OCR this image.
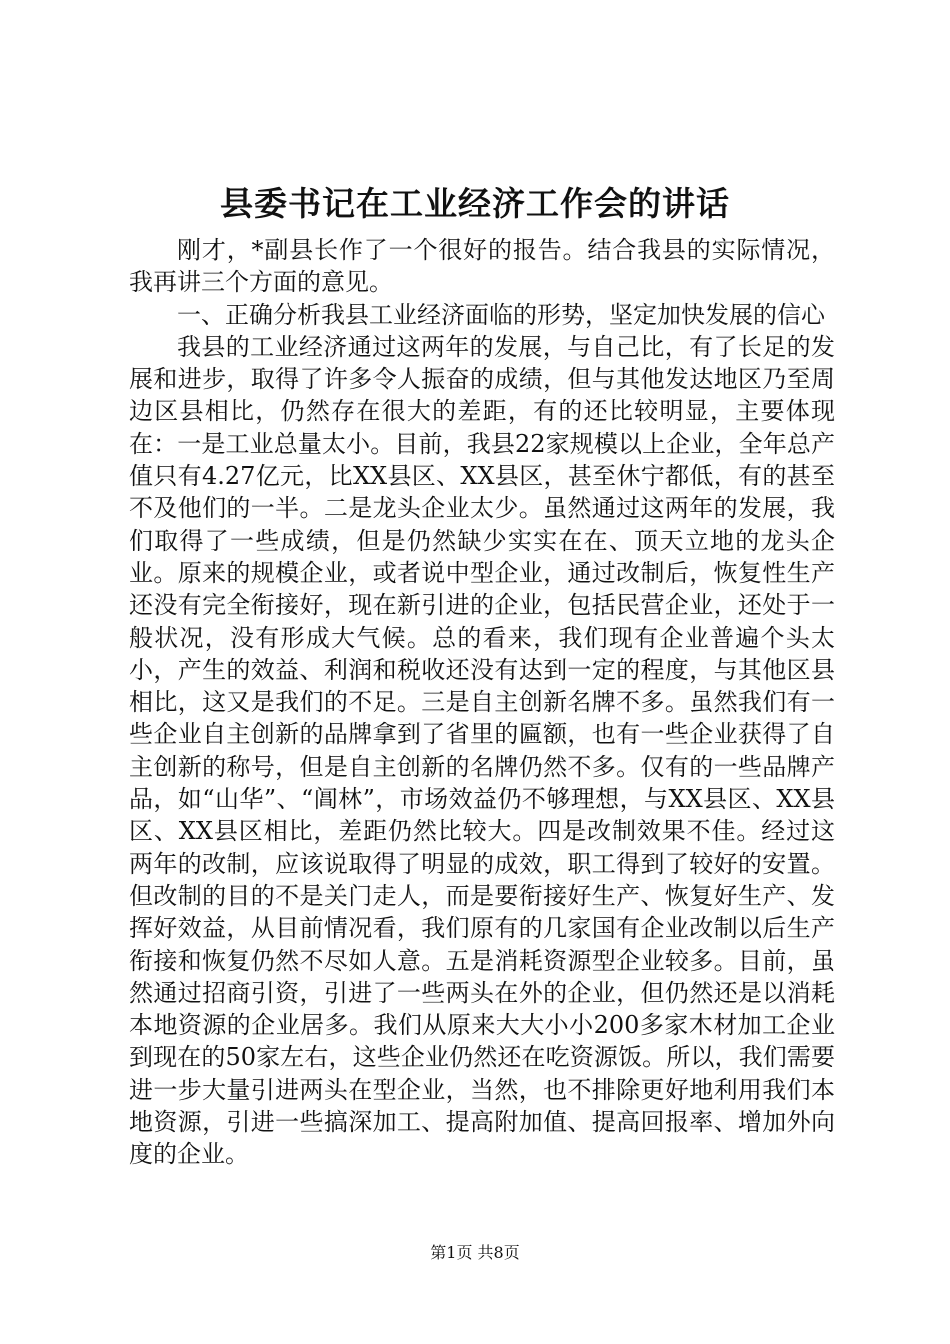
县委书记在工业经济工作会的讲话

刚才，*副县长作了一个很好的报告。结合我县的实际情况，我再讲三个方面的意见。

一、正确分析我县工业经济面临的形势，坚定加快发展的信心

我县的工业经济通过这两年的发展，与自己比，有了长足的发展和进步，取得了许多令人振奋的成绩，但与其他发达地区乃至周边区县相比，仍然存在很大的差距，有的还比较明显，主要体现在：一是工业总量太小。目前，我县22家规模以上企业，全年总产值只有4.27亿元，比XX县区、XX县区，甚至休宁都低，有的甚至不及他们的一半。二是龙头企业太少。虽然通过这两年的发展，我们取得了一些成绩，但是仍然缺少实实在在、顶天立地的龙头企业。原来的规模企业，或者说中型企业，通过改制后，恢复性生产还没有完全衔接好，现在新引进的企业，包括民营企业，还处于一般状况，没有形成大气候。总的看来，我们现有企业普遍个头太小，产生的效益、利润和税收还没有达到一定的程度，与其他区县相比，这又是我们的不足。三是自主创新名牌不多。虽然我们有一些企业自主创新的品牌拿到了省里的匾额，也有一些企业获得了自主创新的称号，但是自主创新的名牌仍然不多。仅有的一些品牌产品，如“山华”、“阊林”，市场效益仍不够理想，与XX县区、XX县区、XX县区相比，差距仍然比较大。四是改制效果不佳。经过这两年的改制，应该说取得了明显的成效，职工得到了较好的安置。但改制的目的不是关门走人，而是要衔接好生产、恢复好生产、发挥好效益，从目前情况看，我们原有的几家国有企业改制以后生产衔接和恢复仍然不尽如人意。五是消耗资源型企业较多。目前，虽然通过招商引资，引进了一些两头在外的企业，但仍然还是以消耗本地资源的企业居多。我们从原来大大小小200多家木材加工企业到现在的50家左右，这些企业仍然还在吃资源饭。所以，我们需要进一步大量引进两头在型企业，当然，也不排除更好地利用我们本地资源，引进一些搞深加工、提高附加值、提高回报率、增加外向度的企业。

第1页 共8页
